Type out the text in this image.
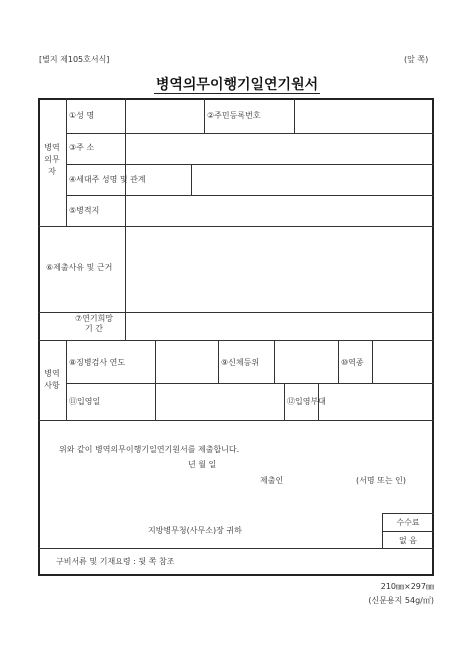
[별지 제105호서식]	(앞 쪽)
병역의무이행기일연기원서
병역
의무
자
병역
사항
①성 명	②주민등록번호
③주 소
④세대주 성명 및 관계
⑤병적지
⑥제출사유 및 근거
⑦연기희망
기 간
⑧징병검사 연도	⑨신체등위	⑩역종
⑪입영일	⑫입영부대
위와 같이 병역의무이행기일연기원서를 제출합니다.
년 월 일
제출인	(서명 또는 인)
지방병무청(사무소)장 귀하
수수료
없 음
구비서류 및 기재요령 : 뒷 쪽 참조
210㎜×297㎜
(신문용지 54g/㎡)
